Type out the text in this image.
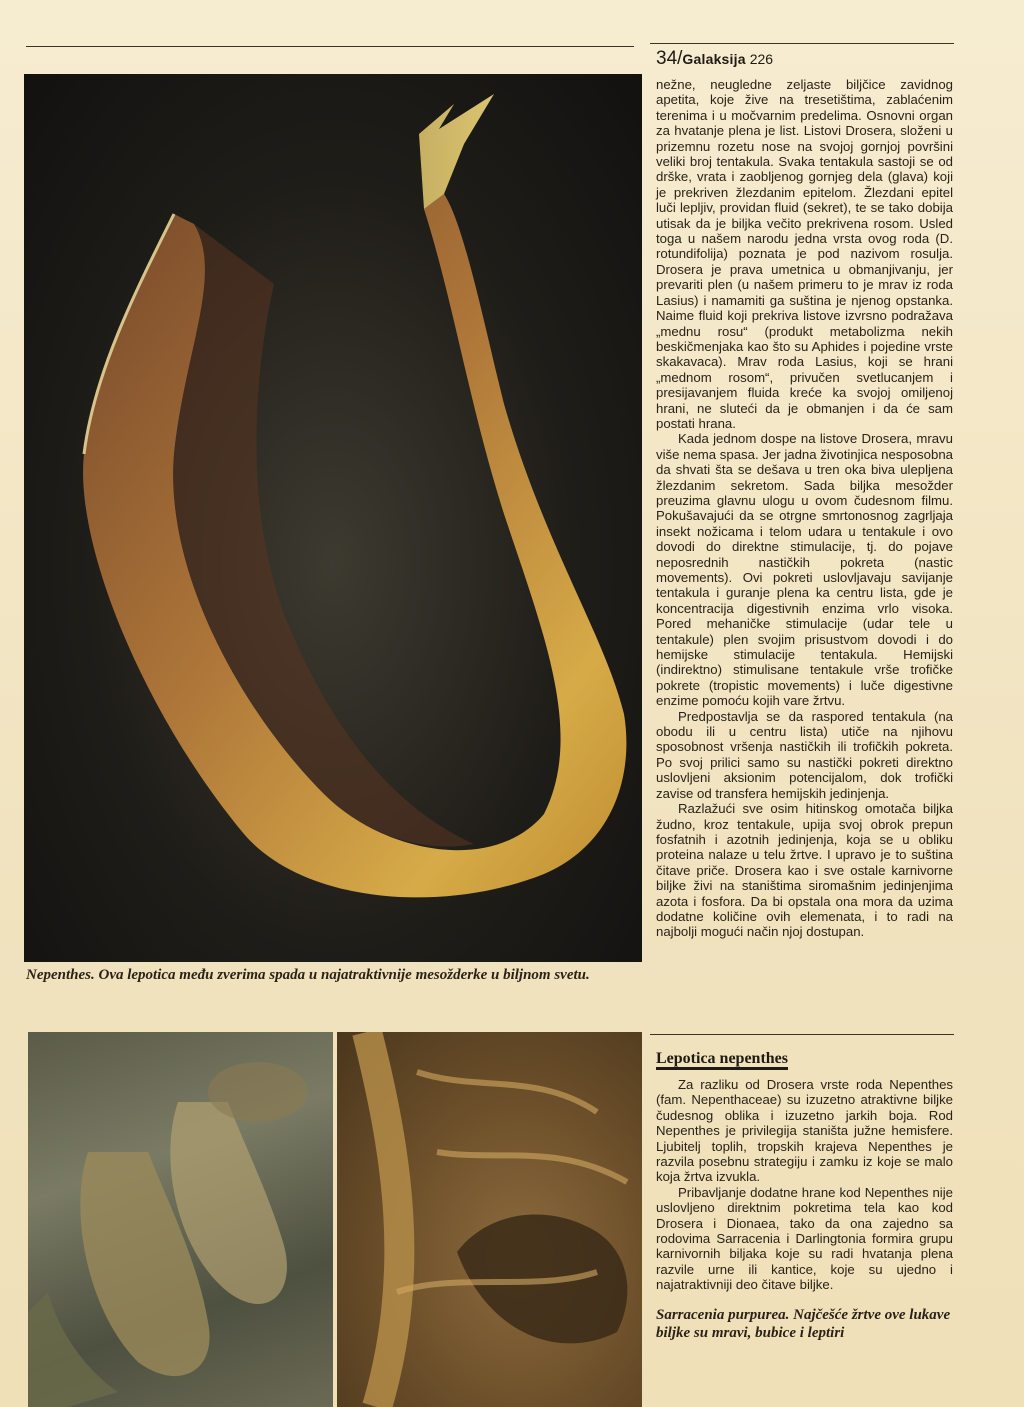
34/Galaksija 226
Nepenthes. Ova lepotica među zverima spada u najatraktivnije mesožderke u biljnom svetu.

nežne, neugledne zeljaste biljčice zavidnog apetita, koje žive na tresetištima, zablaćenim terenima i u močvarnim predelima. Osnovni organ za hvatanje plena je list. Listovi Drosera, složeni u prizemnu rozetu nose na svojoj gornjoj površini veliki broj tentakula. Svaka tentakula sastoji se od drške, vrata i zaobljenog gornjeg dela (glava) koji je prekriven žlezdanim epitelom. Žlezdani epitel luči lepljiv, providan fluid (sekret), te se tako dobija utisak da je biljka večito prekrivena rosom. Usled toga u našem narodu jedna vrsta ovog roda (D. rotundifolija) poznata je pod nazivom rosulja. Drosera je prava umetnica u obmanjivanju, jer prevariti plen (u našem primeru to je mrav iz roda Lasius) i namamiti ga suština je njenog opstanka. Naime fluid koji prekriva listove izvrsno podražava „mednu rosu“ (produkt metabolizma nekih beskičmenjaka kao što su Aphides i pojedine vrste skakavaca). Mrav roda Lasius, koji se hrani „mednom rosom“, privučen svetlucanjem i presijavanjem fluida kreće ka svojoj omiljenoj hrani, ne sluteći da je obmanjen i da će sam postati hrana.

Kada jednom dospe na listove Drosera, mravu više nema spasa. Jer jadna životinjica nesposobna da shvati šta se dešava u tren oka biva ulepljena žlezdanim sekretom. Sada biljka mesožder preuzima glavnu ulogu u ovom čudesnom filmu. Pokušavajući da se otrgne smrtonosnog zagrljaja insekt nožicama i telom udara u tentakule i ovo dovodi do direktne stimulacije, tj. do pojave neposrednih nastičkih pokreta (nastic movements). Ovi pokreti uslovljavaju savijanje tentakula i guranje plena ka centru lista, gde je koncentracija digestivnih enzima vrlo visoka. Pored mehaničke stimulacije (udar tele u tentakule) plen svojim prisustvom dovodi i do hemijske stimulacije tentakula. Hemijski (indirektno) stimulisane tentakule vrše trofičke pokrete (tropistic movements) i luče digestivne enzime pomoću kojih vare žrtvu.

Predpostavlja se da raspored tentakula (na obodu ili u centru lista) utiče na njihovu sposobnost vršenja nastičkih ili trofičkih pokreta. Po svoj prilici samo su nastički pokreti direktno uslovljeni aksionim potencijalom, dok trofički zavise od transfera hemijskih jedinjenja.

Razlažući sve osim hitinskog omotača biljka žudno, kroz tentakule, upija svoj obrok prepun fosfatnih i azotnih jedinjenja, koja se u obliku proteina nalaze u telu žrtve. I upravo je to suština čitave priče. Drosera kao i sve ostale karnivorne biljke živi na staništima siromašnim jedinjenjima azota i fosfora. Da bi opstala ona mora da uzima dodatne količine ovih elemenata, i to radi na najbolji mogući način njoj dostupan.

Lepotica nepenthes

Za razliku od Drosera vrste roda Nepenthes (fam. Nepenthaceae) su izuzetno atraktivne biljke čudesnog oblika i izuzetno jarkih boja. Rod Nepenthes je privilegija staništa južne hemisfere. Ljubitelj toplih, tropskih krajeva Nepenthes je razvila posebnu strategiju i zamku iz koje se malo koja žrtva izvukla.

Pribavljanje dodatne hrane kod Nepenthes nije uslovljeno direktnim pokretima tela kao kod Drosera i Dionaea, tako da ona zajedno sa rodovima Sarracenia i Darlingtonia formira grupu karnivornih biljaka koje su radi hvatanja plena razvile urne ili kantice, koje su ujedno i najatraktivniji deo čitave biljke.

Sarracenia purpurea. Najčešće žrtve ove lukave biljke su mravi, bubice i leptiri
